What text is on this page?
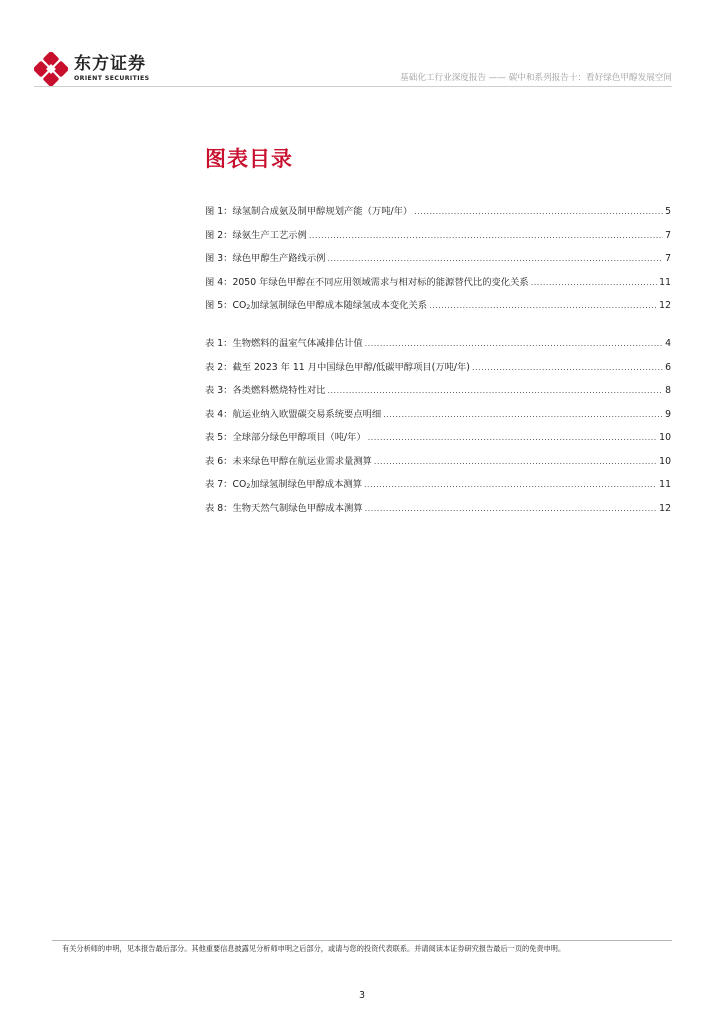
东方证券
ORIENT SECURITIES	基础化工行业深度报告 —— 碳中和系列报告十：看好绿色甲醇发展空间
图表目录
图 1：绿氢制合成氨及制甲醇规划产能（万吨/年） .....	5
图 2：绿氨生产工艺示例 .....	7
图 3：绿色甲醇生产路线示例 .....	7
图 4：2050 年绿色甲醇在不同应用领域需求与相对标的能源替代比的变化关系 .....	11
图 5：$CO_2$加绿氢制绿色甲醇成本随绿氢成本变化关系 .....	12
表 1：生物燃料的温室气体减排估计值 .....	4
表 2：截至 2023 年 11 月中国绿色甲醇/低碳甲醇项目(万吨/年) .....	6
表 3：各类燃料燃烧特性对比 .....	8
表 4：航运业纳入欧盟碳交易系统要点明细 .....	9
表 5：全球部分绿色甲醇项目（吨/年） .....	10
表 6：未来绿色甲醇在航运业需求量测算 .....	10
表 7：$CO_2$加绿氢制绿色甲醇成本测算 .....	11
表 8：生物天然气制绿色甲醇成本测算 .....	12
有关分析师的申明，见本报告最后部分。其他重要信息披露见分析师申明之后部分，或请与您的投资代表联系。并请阅读本证券研究报告最后一页的免责申明。
3
